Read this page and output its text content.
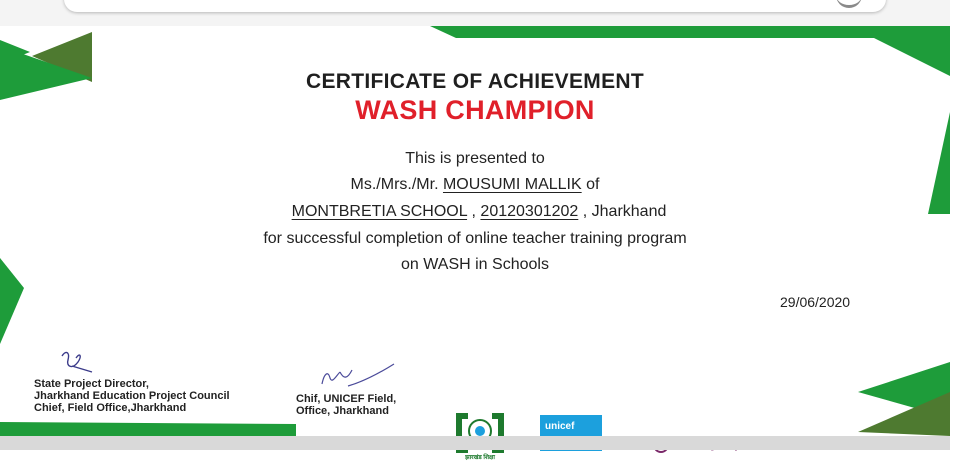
CERTIFICATE OF ACHIEVEMENT
WASH CHAMPION
This is presented to
Ms./Mrs./Mr. MOUSUMI MALLIK of
MONTBRETIA SCHOOL , 20120301202 , Jharkhand
for successful completion of online teacher training program
on WASH in Schools
29/06/2020
State Project Director,
Jharkhand Education Project Council
Chief, Field Office,Jharkhand
Chif, UNICEF Field,
Office, Jharkhand
झारखंड शिक्षा
unicef
